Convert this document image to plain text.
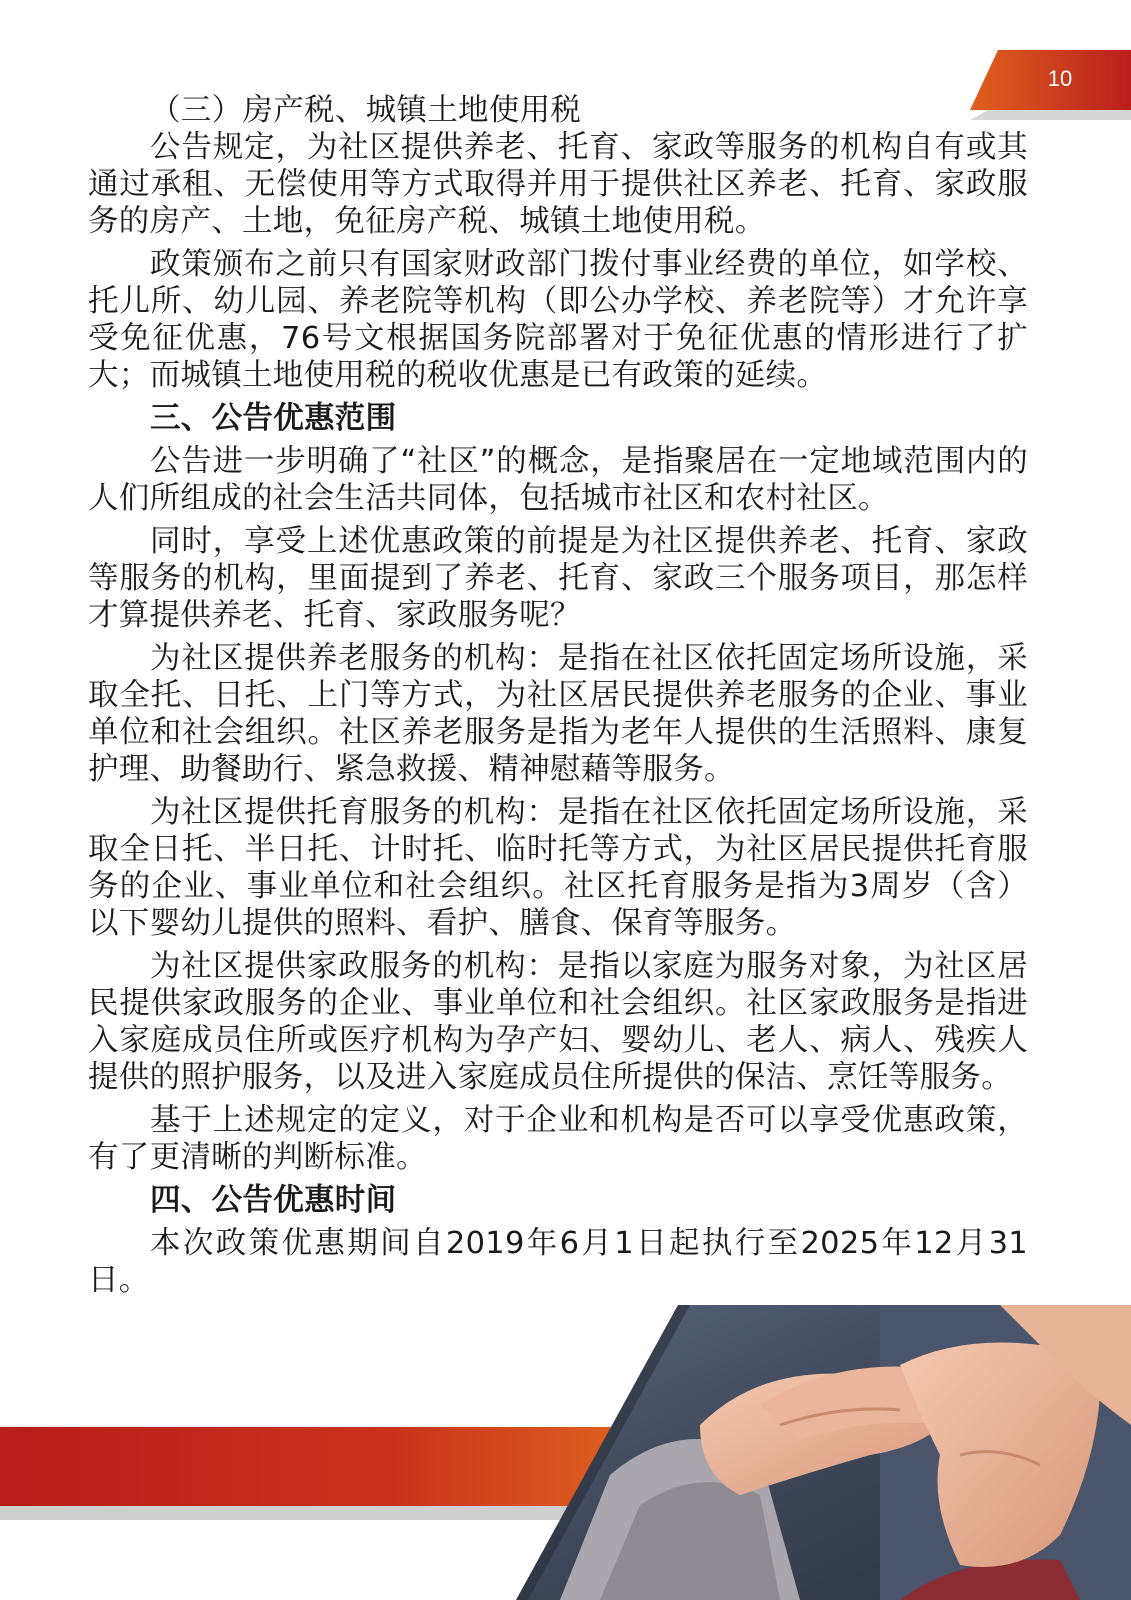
10

（三）房产税、城镇土地使用税

公告规定，为社区提供养老、托育、家政等服务的机构自有或其通过承租、无偿使用等方式取得并用于提供社区养老、托育、家政服务的房产、土地，免征房产税、城镇土地使用税。

政策颁布之前只有国家财政部门拨付事业经费的单位，如学校、托儿所、幼儿园、养老院等机构（即公办学校、养老院等）才允许享受免征优惠，76号文根据国务院部署对于免征优惠的情形进行了扩大；而城镇土地使用税的税收优惠是已有政策的延续。

三、公告优惠范围

公告进一步明确了“社区”的概念，是指聚居在一定地域范围内的人们所组成的社会生活共同体，包括城市社区和农村社区。

同时，享受上述优惠政策的前提是为社区提供养老、托育、家政等服务的机构，里面提到了养老、托育、家政三个服务项目，那怎样才算提供养老、托育、家政服务呢？

为社区提供养老服务的机构：是指在社区依托固定场所设施，采取全托、日托、上门等方式，为社区居民提供养老服务的企业、事业单位和社会组织。社区养老服务是指为老年人提供的生活照料、康复护理、助餐助行、紧急救援、精神慰藉等服务。

为社区提供托育服务的机构：是指在社区依托固定场所设施，采取全日托、半日托、计时托、临时托等方式，为社区居民提供托育服务的企业、事业单位和社会组织。社区托育服务是指为3周岁（含）以下婴幼儿提供的照料、看护、膳食、保育等服务。

为社区提供家政服务的机构：是指以家庭为服务对象，为社区居民提供家政服务的企业、事业单位和社会组织。社区家政服务是指进入家庭成员住所或医疗机构为孕产妇、婴幼儿、老人、病人、残疾人提供的照护服务，以及进入家庭成员住所提供的保洁、烹饪等服务。

基于上述规定的定义，对于企业和机构是否可以享受优惠政策，有了更清晰的判断标准。

四、公告优惠时间

本次政策优惠期间自2019年6月1日起执行至2025年12月31日。
